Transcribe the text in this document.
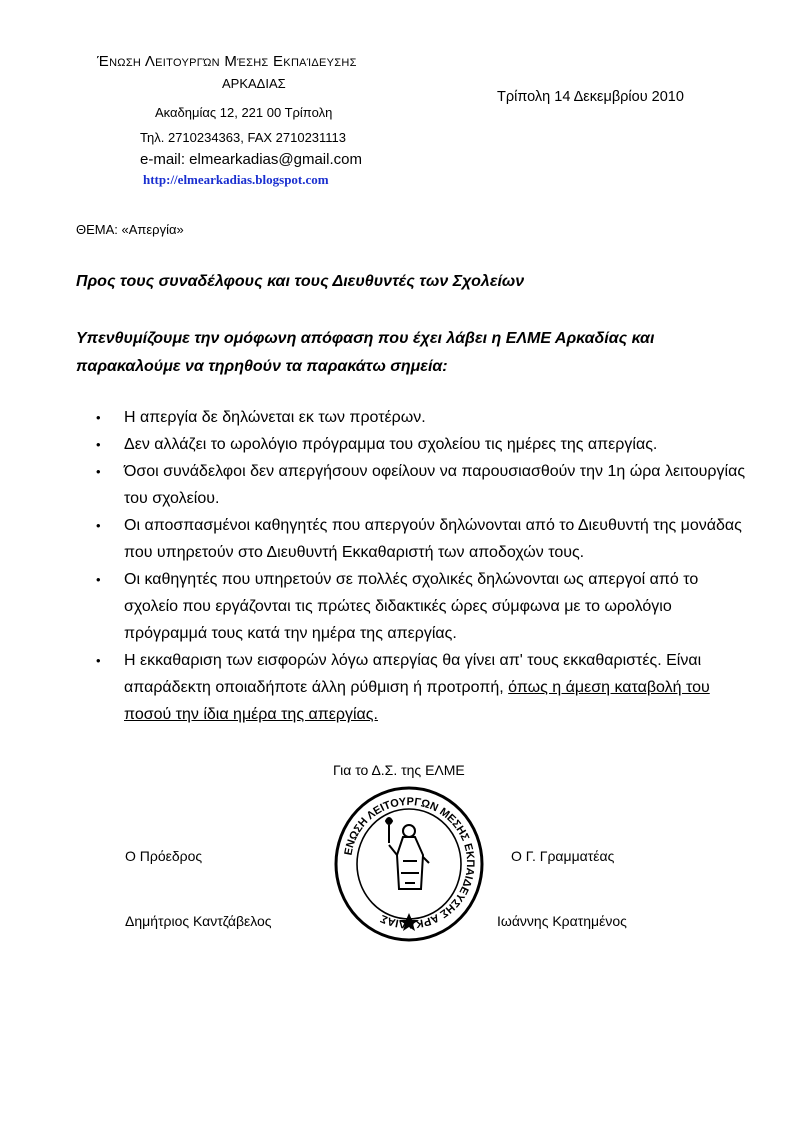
Ένωση Λειτουργών Μέσης Εκπαίδευσης
ΑΡΚΑΔΙΑΣ
Ακαδημίας 12, 221 00 Τρίπολη
Τηλ. 2710234363, FAX 2710231113
e-mail: elmearkadias@gmail.com
http://elmearkadias.blogspot.com
Τρίπολη 14 Δεκεμβρίου 2010
ΘΕΜΑ: «Απεργία»
Προς τους συναδέλφους και τους Διευθυντές των Σχολείων
Υπενθυμίζουμε την ομόφωνη απόφαση που έχει λάβει η ΕΛΜΕ Αρκαδίας και παρακαλούμε να τηρηθούν τα παρακάτω σημεία:
• Η απεργία δε δηλώνεται εκ των προτέρων.
• Δεν αλλάζει το ωρολόγιο πρόγραμμα του σχολείου τις ημέρες της απεργίας.
• Όσοι συνάδελφοι δεν απεργήσουν οφείλουν να παρουσιασθούν την 1η ώρα λειτουργίας του σχολείου.
• Οι αποσπασμένοι καθηγητές που απεργούν δηλώνονται από το Διευθυντή της μονάδας που υπηρετούν στο Διευθυντή Εκκαθαριστή των αποδοχών τους.
• Οι καθηγητές που υπηρετούν σε πολλές σχολικές δηλώνονται ως απεργοί από το σχολείο που εργάζονται τις πρώτες διδακτικές ώρες σύμφωνα με το ωρολόγιο πρόγραμμά τους κατά την ημέρα της απεργίας.
• Η εκκαθαριση των εισφορών λόγω απεργίας θα γίνει απ' τους εκκαθαριστές. Είναι απαράδεκτη οποιαδήποτε άλλη ρύθμιση ή προτροπή, όπως η άμεση καταβολή του ποσού την ίδια ημέρα της απεργίας.
Για το Δ.Σ. της ΕΛΜΕ
Ο Πρόεδρος
Δημήτριος Καντζάβελος
Ο Γ. Γραμματέας
Ιωάννης Κρατημένος
ΕΝΩΣΗ ΛΕΙΤΟΥΡΓΩΝ ΜΕΣΗΣ ΕΚΠΑΙΔΕΥΣΗΣ ΑΡΚΑΔΙΑΣ
